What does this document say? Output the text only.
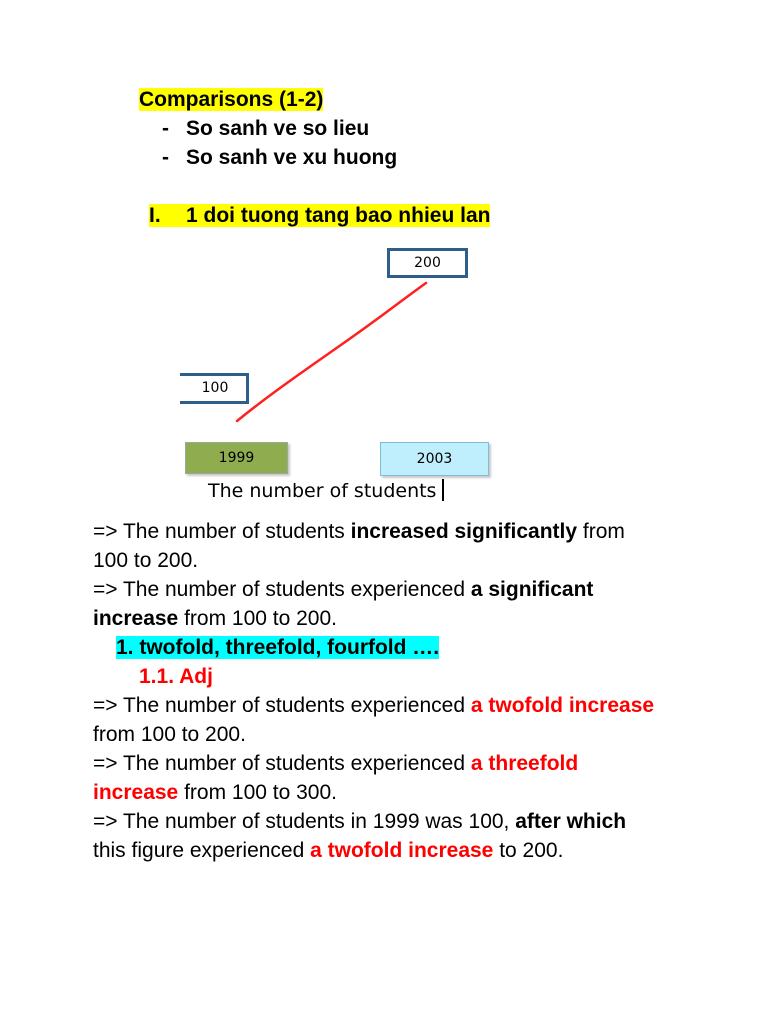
Comparisons (1-2)
- So sanh ve so lieu
- So sanh ve xu huong
I. 1 doi tuong tang bao nhieu lan
200
100
1999	2003
The number of students

=> The number of students increased significantly from 100 to 200.

=> The number of students experienced a significant increase from 100 to 200.

1. twofold, threefold, fourfold ….

1.1. Adj

=> The number of students experienced a twofold increase from 100 to 200.

=> The number of students experienced a threefold increase from 100 to 300.

=> The number of students in 1999 was 100, after which this figure experienced a twofold increase to 200.
